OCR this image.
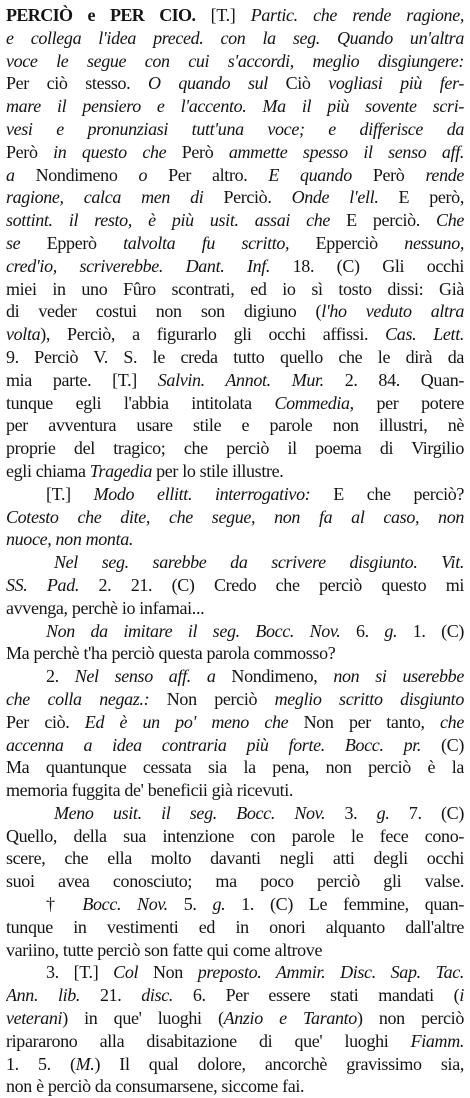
PERCIÒ e PER CIO. [T.] Partic. che rende ragione,
e collega l'idea preced. con la seg. Quando un'altra
voce le segue con cui s'accordi, meglio disgiungere:
Per ciò stesso. O quando sul Ciò vogliasi più fer-
mare il pensiero e l'accento. Ma il più sovente scri-
vesi e pronunziasi tutt'una voce; e differisce da
Però in questo che Però ammette spesso il senso aff.
a Nondimeno o Per altro. E quando Però rende
ragione, calca men di Perciò. Onde l'ell. E però,
sottint. il resto, è più usit. assai che E perciò. Che
se Epperò talvolta fu scritto, Epperciò nessuno,
cred'io, scriverebbe. Dant. Inf. 18. (C) Gli occhi
miei in uno Fûro scontrati, ed io sì tosto dissi: Già
di veder costui non son digiuno (l'ho veduto altra
volta), Perciò, a figurarlo gli occhi affissi. Cas. Lett.
9. Perciò V. S. le creda tutto quello che le dirà da
mia parte. [T.] Salvin. Annot. Mur. 2. 84. Quan-
tunque egli l'abbia intitolata Commedia, per potere
per avventura usare stile e parole non illustri, nè
proprie del tragico; che perciò il poema di Virgilio
egli chiama Tragedia per lo stile illustre.
[T.] Modo ellitt. interrogativo: E che perciò?
Cotesto che dite, che segue, non fa al caso, non
nuoce, non monta.
Nel seg. sarebbe da scrivere disgiunto. Vit.
SS. Pad. 2. 21. (C) Credo che perciò questo mi
avvenga, perchè io infamai...
Non da imitare il seg. Bocc. Nov. 6. g. 1. (C)
Ma perchè t'ha perciò questa parola commosso?
2. Nel senso aff. a Nondimeno, non si userebbe
che colla negaz.: Non perciò meglio scritto disgiunto
Per ciò. Ed è un po' meno che Non per tanto, che
accenna a idea contraria più forte. Bocc. pr. (C)
Ma quantunque cessata sia la pena, non perciò è la
memoria fuggita de' beneficii già ricevuti.
Meno usit. il seg. Bocc. Nov. 3. g. 7. (C)
Quello, della sua intenzione con parole le fece cono-
scere, che ella molto davanti negli atti degli occhi
suoi avea conosciuto; ma poco perciò gli valse.
† Bocc. Nov. 5. g. 1. (C) Le femmine, quan-
tunque in vestimenti ed in onori alquanto dall'altre
variino, tutte perciò son fatte qui come altrove
3. [T.] Col Non preposto. Ammir. Disc. Sap. Tac.
Ann. lib. 21. disc. 6. Per essere stati mandati (i
veterani) in que' luoghi (Anzio e Taranto) non perciò
ripararono alla disabitazione di que' luoghi Fiamm.
1. 5. (M.) Il qual dolore, ancorchè gravissimo sia,
non è perciò da consumarsene, siccome fai.
